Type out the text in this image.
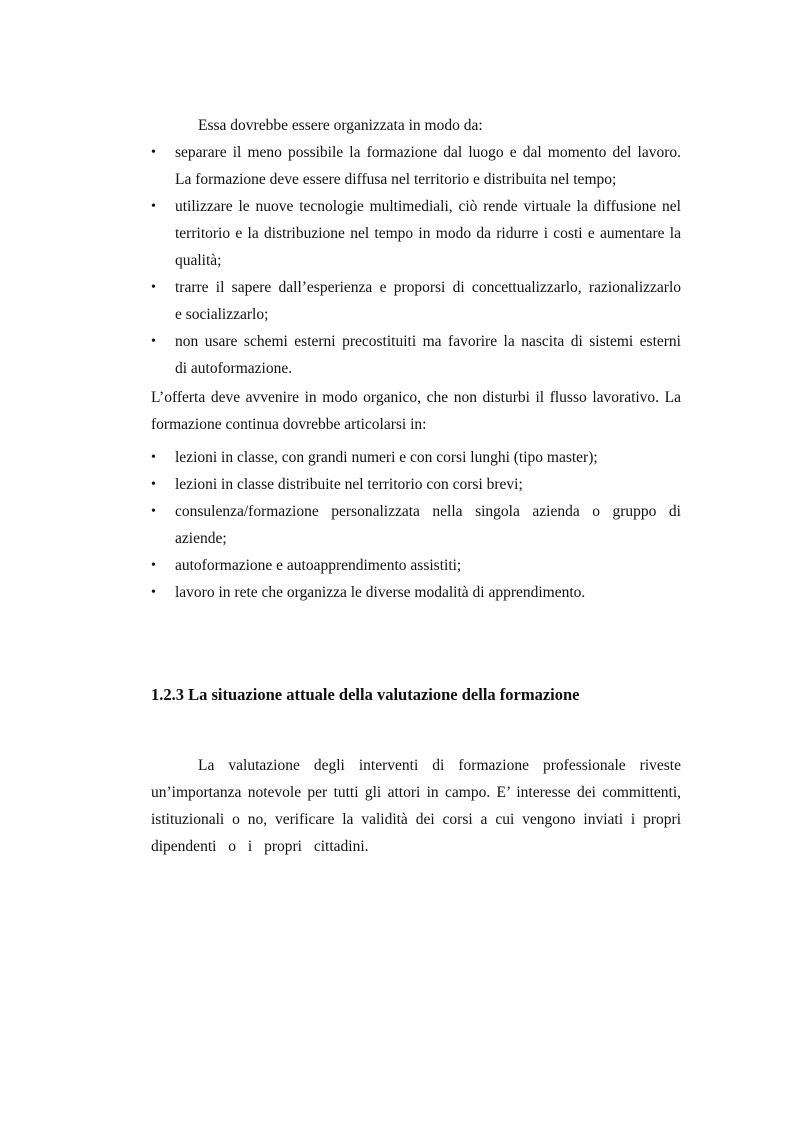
Essa dovrebbe essere organizzata in modo da:
•	separare il meno possibile la formazione dal luogo e dal momento del lavoro.
La formazione deve essere diffusa nel territorio e distribuita nel tempo;
•	utilizzare le nuove tecnologie multimediali, ciò rende virtuale la diffusione nel
territorio e la distribuzione nel tempo in modo da ridurre i costi e aumentare la
qualità;
•	trarre il sapere dall’esperienza e proporsi di concettualizzarlo, razionalizzarlo
e socializzarlo;
•	non usare schemi esterni precostituiti ma favorire la nascita di sistemi esterni
di autoformazione.
L’offerta deve avvenire in modo organico, che non disturbi il flusso lavorativo. La
formazione continua dovrebbe articolarsi in:
•	lezioni in classe, con grandi numeri e con corsi lunghi (tipo master);
•	lezioni in classe distribuite nel territorio con corsi brevi;
•	consulenza/formazione personalizzata nella singola azienda o gruppo di
aziende;
•	autoformazione e autoapprendimento assistiti;
•	lavoro in rete che organizza le diverse modalità di apprendimento.
1.2.3 La situazione attuale della valutazione della formazione
La valutazione degli interventi di formazione professionale riveste
un’importanza notevole per tutti gli attori in campo. E’ interesse dei committenti,
istituzionali o no, verificare la validità dei corsi a cui vengono inviati i propri
dipendenti o i propri cittadini.
